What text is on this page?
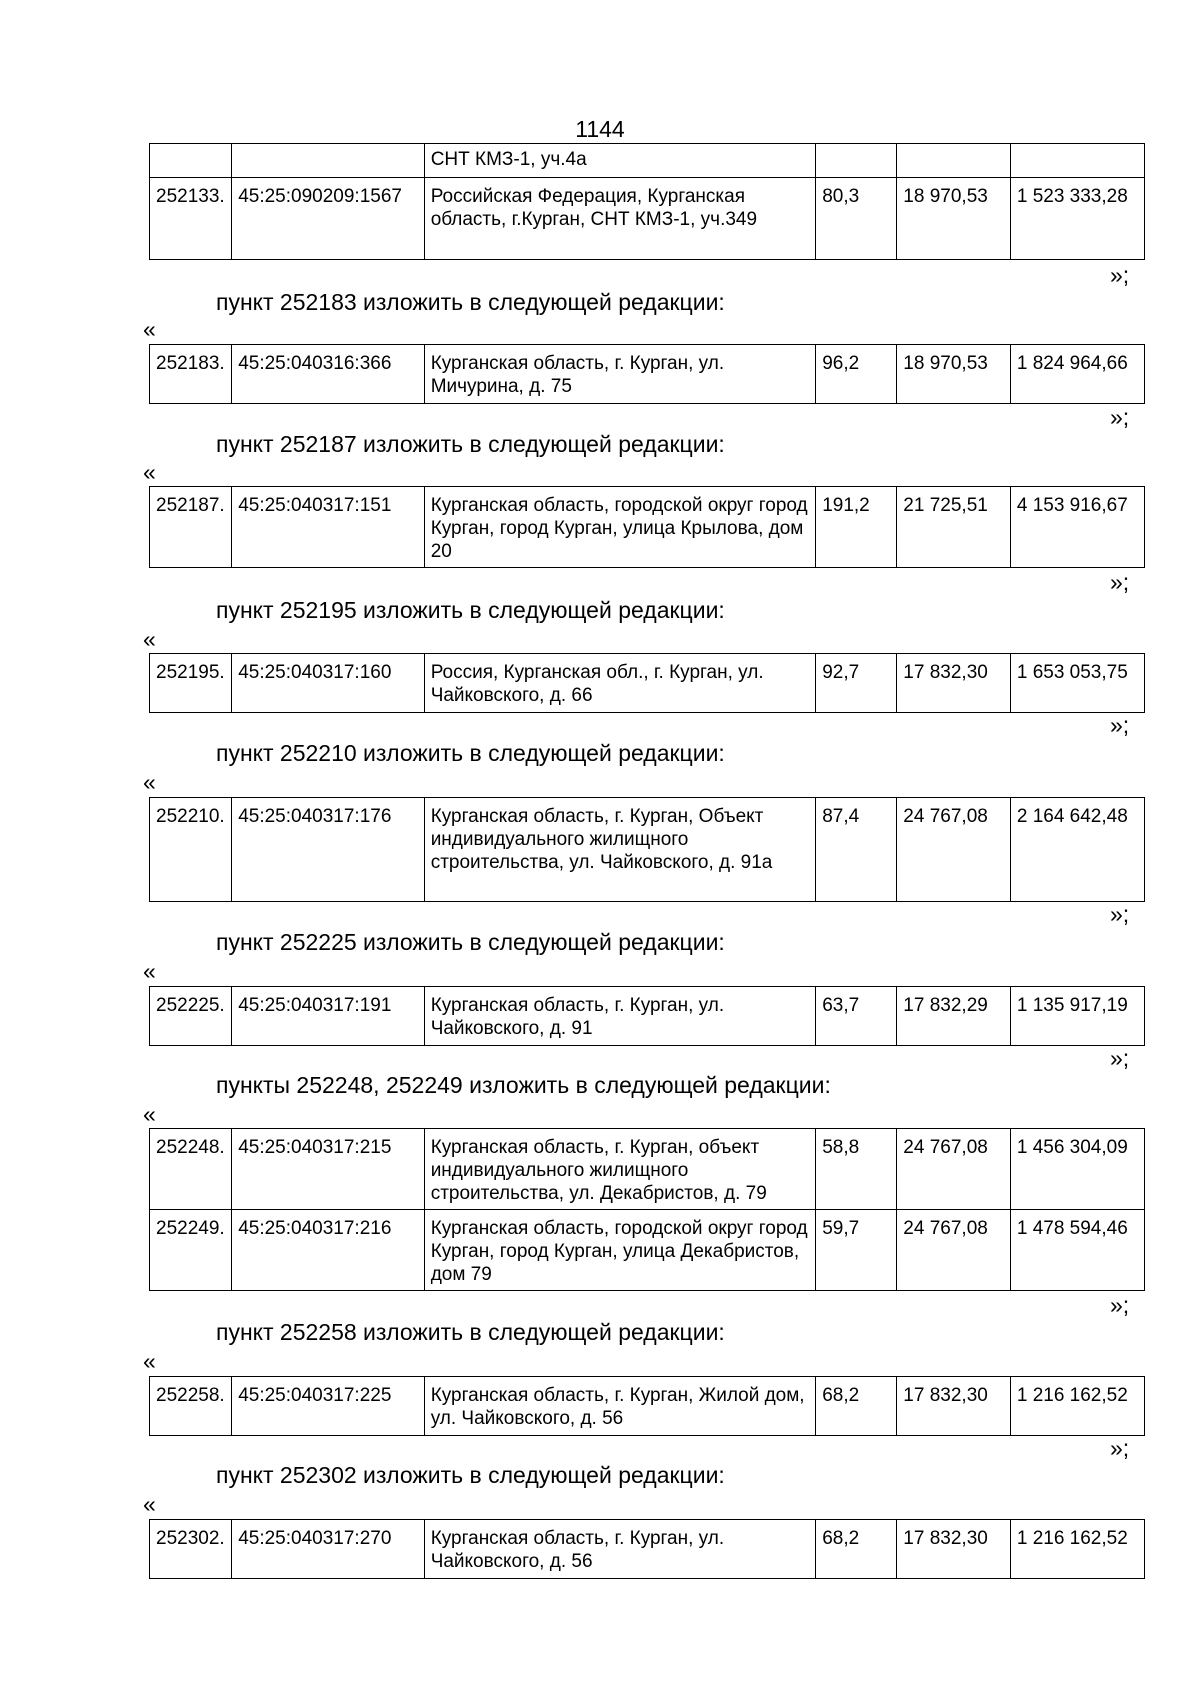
1144
		СНТ КМЗ-1, уч.4а			
252133.	45:25:090209:1567	Российская Федерация, Курганская область, г.Курган, СНТ КМЗ-1, уч.349	80,3	18 970,53	1 523 333,28
»;
пункт 252183 изложить в следующей редакции:
«
252183.	45:25:040316:366	Курганская область, г. Курган, ул. Мичурина, д. 75	96,2	18 970,53	1 824 964,66
»;
пункт 252187 изложить в следующей редакции:
«
252187.	45:25:040317:151	Курганская область, городской округ город Курган, город Курган, улица Крылова, дом 20	191,2	21 725,51	4 153 916,67
»;
пункт 252195 изложить в следующей редакции:
«
252195.	45:25:040317:160	Россия, Курганская обл., г. Курган, ул. Чайковского, д. 66	92,7	17 832,30	1 653 053,75
»;
пункт 252210 изложить в следующей редакции:
«
252210.	45:25:040317:176	Курганская область, г. Курган, Объект индивидуального жилищного строительства, ул. Чайковского, д. 91а	87,4	24 767,08	2 164 642,48
»;
пункт 252225 изложить в следующей редакции:
«
252225.	45:25:040317:191	Курганская область, г. Курган, ул. Чайковского, д. 91	63,7	17 832,29	1 135 917,19
»;
пункты 252248, 252249 изложить в следующей редакции:
«
252248.	45:25:040317:215	Курганская область, г. Курган, объект индивидуального жилищного строительства, ул. Декабристов, д. 79	58,8	24 767,08	1 456 304,09
252249.	45:25:040317:216	Курганская область, городской округ город Курган, город Курган, улица Декабристов, дом 79	59,7	24 767,08	1 478 594,46
»;
пункт 252258 изложить в следующей редакции:
«
252258.	45:25:040317:225	Курганская область, г. Курган, Жилой дом, ул. Чайковского, д. 56	68,2	17 832,30	1 216 162,52
»;
пункт 252302 изложить в следующей редакции:
«
252302.	45:25:040317:270	Курганская область, г. Курган, ул. Чайковского, д. 56	68,2	17 832,30	1 216 162,52
